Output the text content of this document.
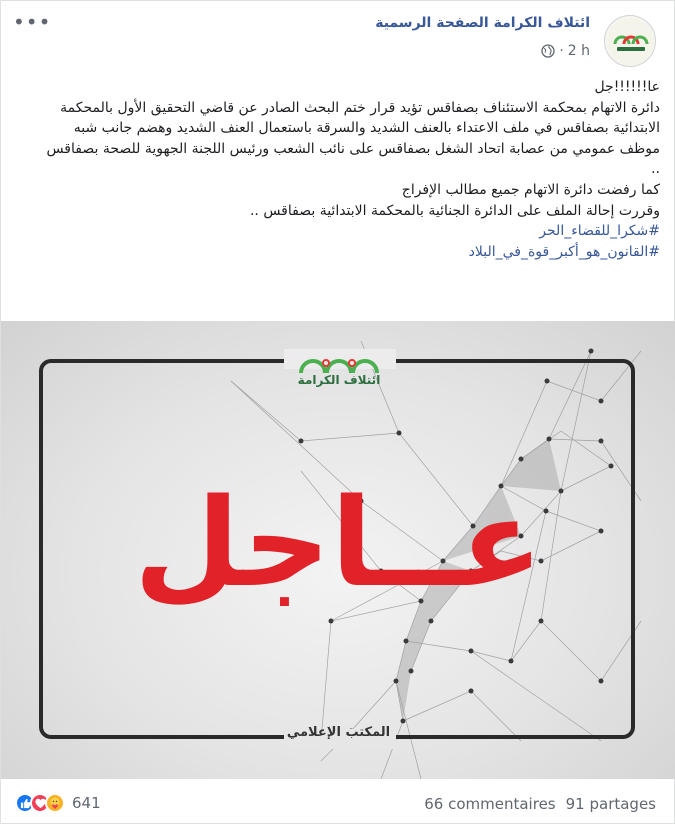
•••	ائتلاف الكرامة الصفحة الرسمية
· 2 h
عا!!!!!!جل
دائرة الاتهام بمحكمة الاستئناف بصفاقس تؤيد قرار ختم البحث الصادر عن قاضي التحقيق الأول بالمحكمة
الابتدائية بصفاقس في ملف الاعتداء بالعنف الشديد والسرقة باستعمال العنف الشديد وهضم جانب شبه
موظف عمومي من عصابة اتحاد الشغل بصفاقس على نائب الشعب ورئيس اللجنة الجهوية للصحة بصفاقس
..
كما رفضت دائرة الاتهام جميع مطالب الإفراج
وقررت إحالة الملف على الدائرة الجنائية بالمحكمة الابتدائية بصفاقس ..
#شكرا_للقضاء_الحر
#القانون_هو_أكبر_قوة_في_البلاد
ائتلاف الكرامة
عــاجل
المكتب الإعلامي
641	66 commentaires 91 partages
